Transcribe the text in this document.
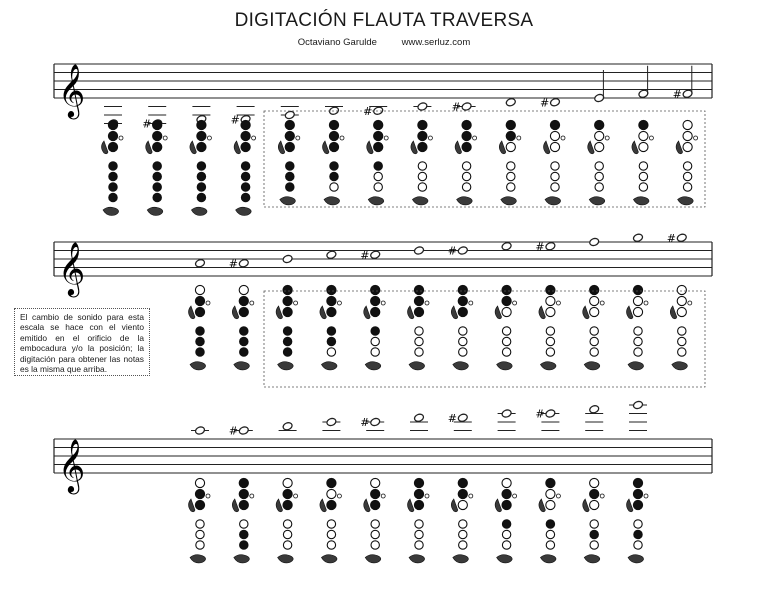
DIGITACIÓN FLAUTA TRAVERSA
Octaviano Garulde	www.serluz.com
𝄞
#	#
#	#	#
#
𝄞	#
#	#	#
#
𝄞
#
#	#	#
El cambio de sonido para esta escala se hace con el viento emitido en el orificio de la embocadura y/o la posición; la digitación para obtener las notas es la misma que arriba.
